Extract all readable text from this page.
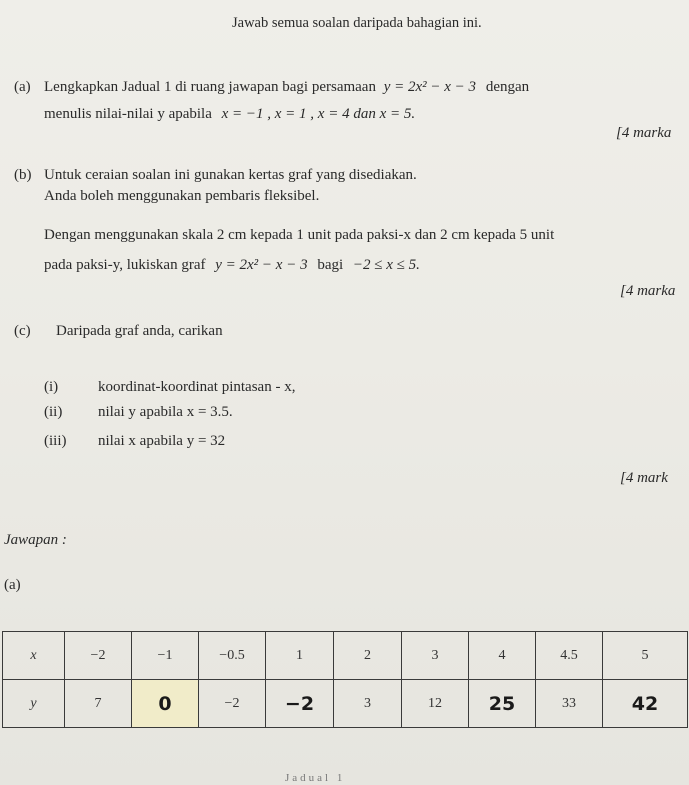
Jawab semua soalan daripada bahagian ini.
(a) Lengkapkan Jadual 1 di ruang jawapan bagi persamaan y = 2x² − x − 3 dengan
menulis nilai-nilai y apabila x = −1 , x = 1 , x = 4 dan x = 5.
[4 marka
(b) Untuk ceraian soalan ini gunakan kertas graf yang disediakan.
Anda boleh menggunakan pembaris fleksibel.
Dengan menggunakan skala 2 cm kepada 1 unit pada paksi-x dan 2 cm kepada 5 unit
pada paksi-y, lukiskan graf y = 2x² − x − 3 bagi −2 ≤ x ≤ 5.
[4 marka
(c) Daripada graf anda, carikan
(i)	koordinat-koordinat pintasan - x,
(ii) nilai y apabila x = 3.5.
(iii) nilai x apabila y = 32
[4 mark
Jawapan :
(a)
x	−2	−1	−0.5	1	2	3	4	4.5	5
y	7	0	−2	−2	3	12	25	33	42
Jadual 1
